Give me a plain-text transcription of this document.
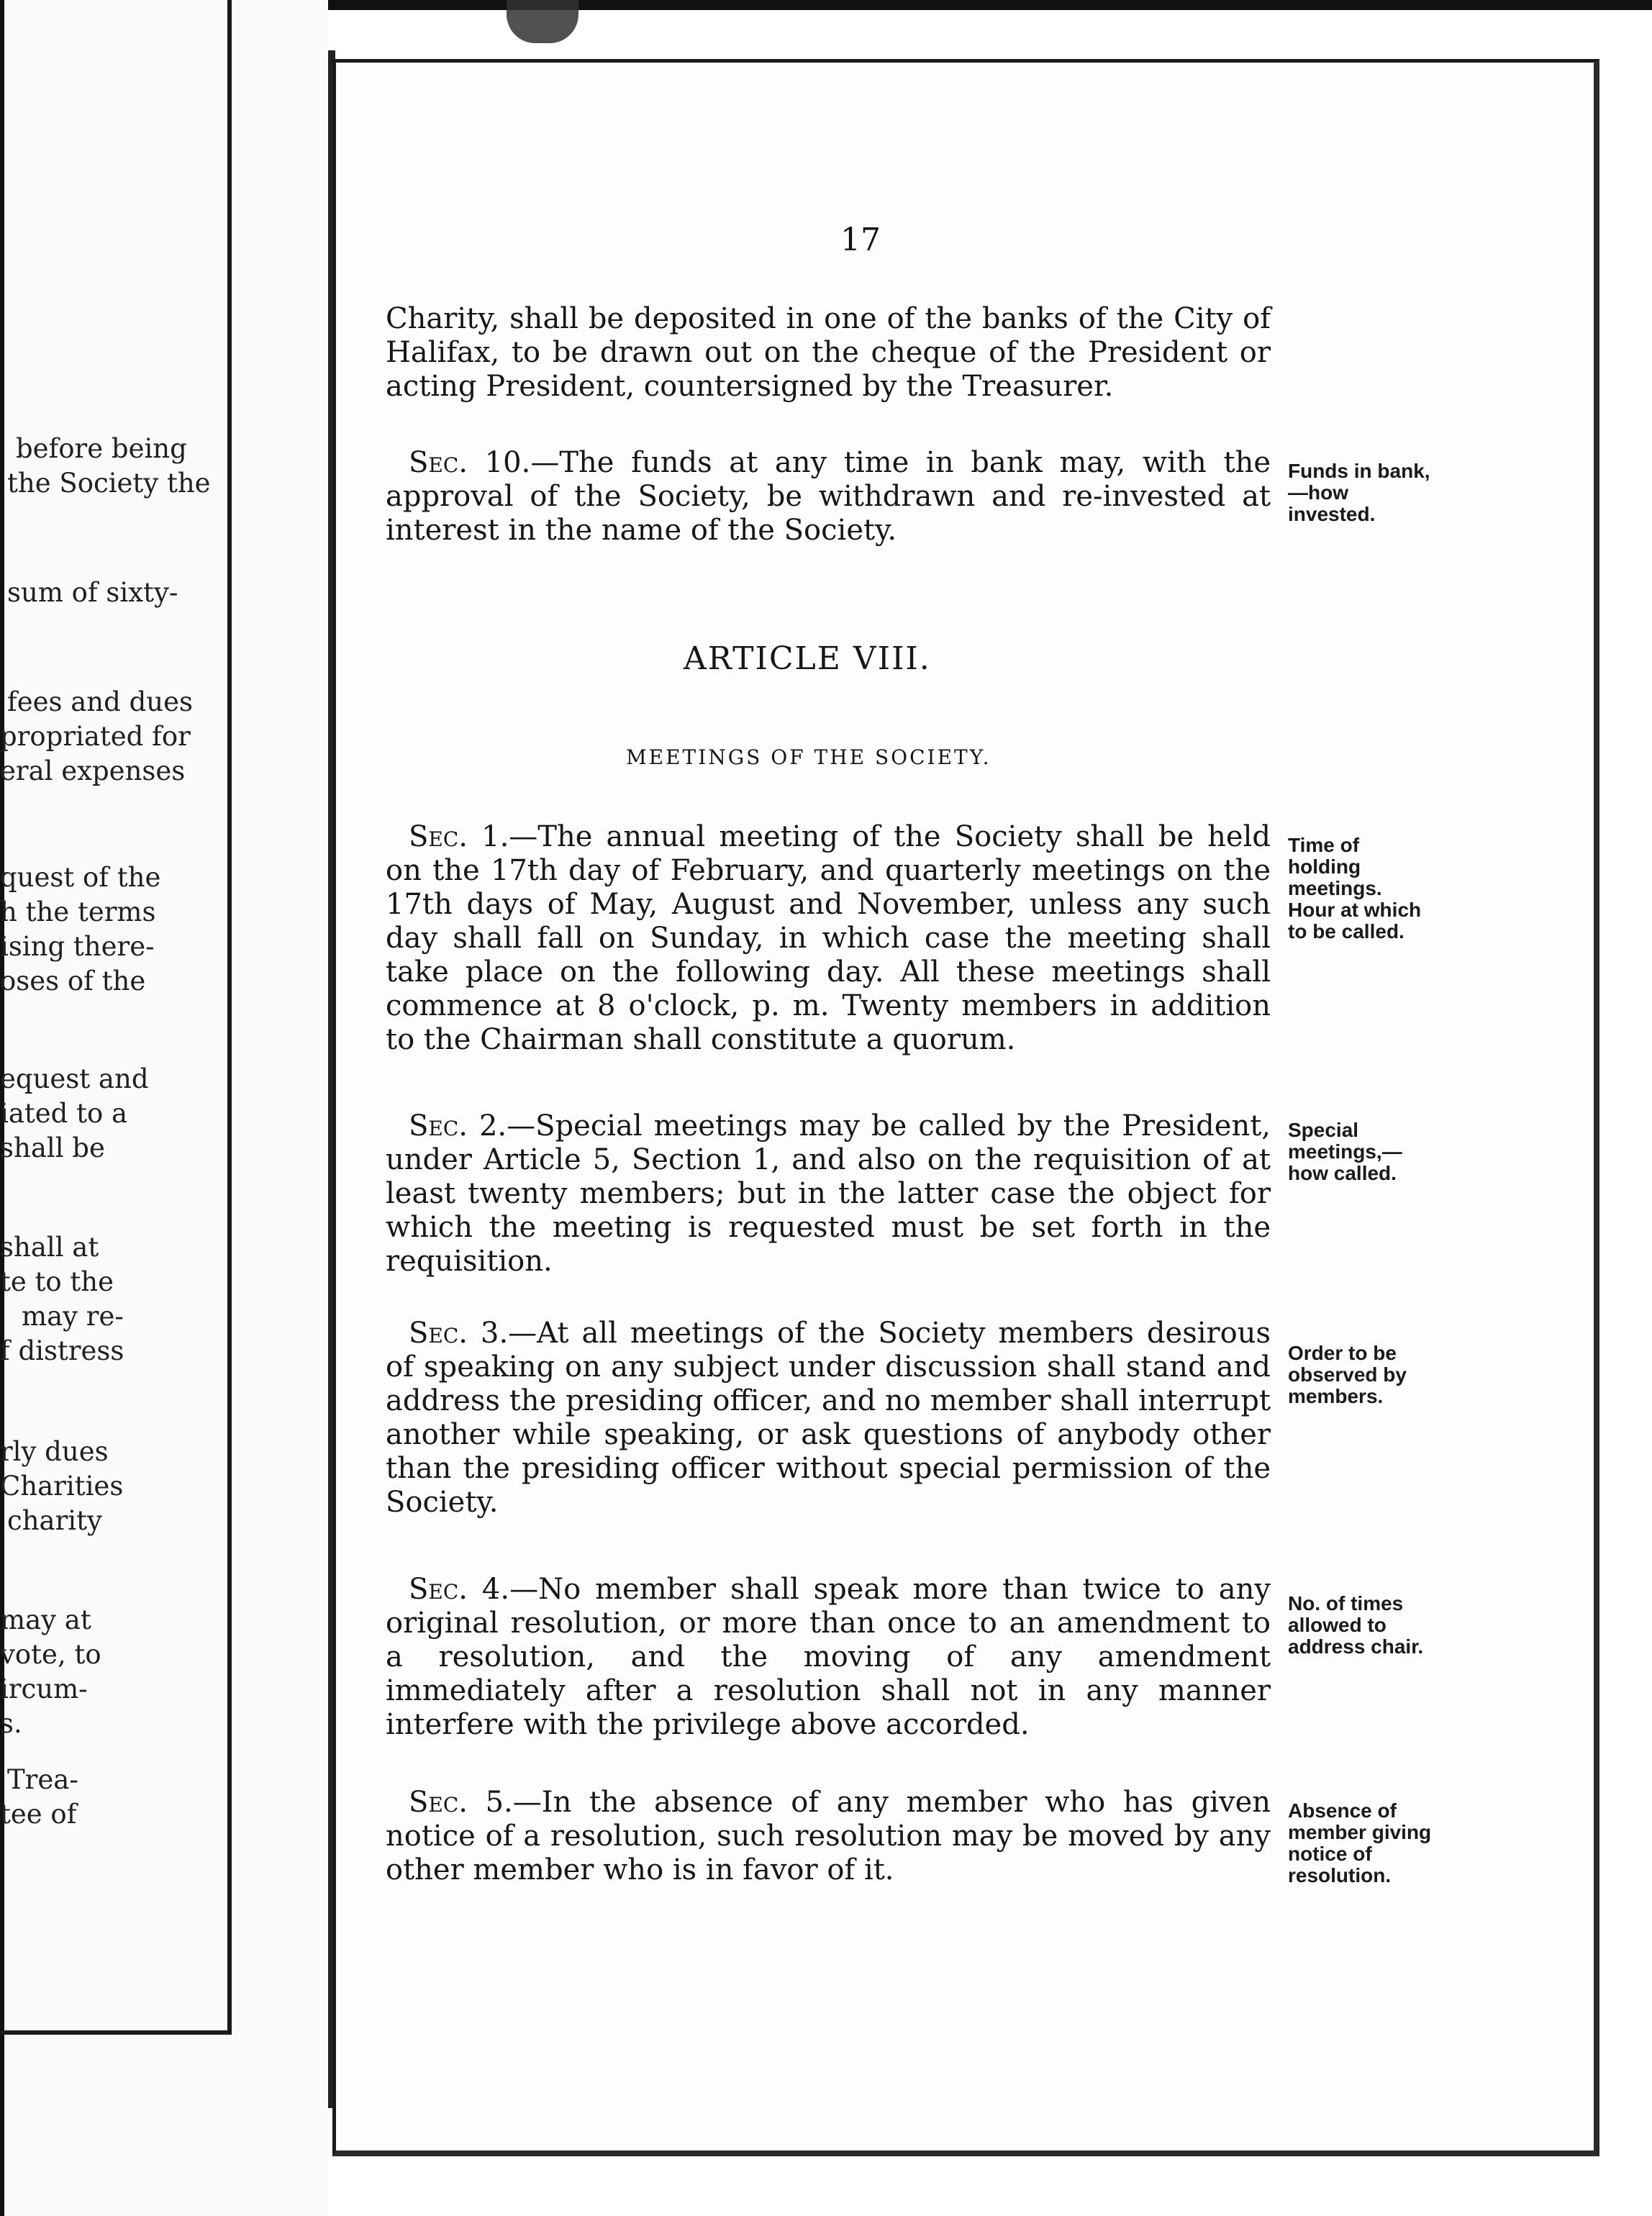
before being
the Society the
sum of sixty-
fees and dues
propriated for
eral expenses
quest of the
h the terms
ising there-
oses of the
equest and
iated to a
shall be
shall at
te to the
may re-
f distress
rly dues
Charities
charity
may at
vote, to
ircum-
s.
Trea-
tee of
17
Charity, shall be deposited in one of the banks of the City of Halifax, to be drawn out on the cheque of the President or acting President, countersigned by the Treasurer.
Sec. 10.—The funds at any time in bank may, with the approval of the Society, be withdrawn and re-invested at interest in the name of the Society.
Funds in bank,—how invested.
ARTICLE VIII.
MEETINGS OF THE SOCIETY.
Sec. 1.—The annual meeting of the Society shall be held on the 17th day of February, and quarterly meetings on the 17th days of May, August and November, unless any such day shall fall on Sunday, in which case the meeting shall take place on the following day. All these meetings shall commence at 8 o'clock, p. m. Twenty members in addition to the Chairman shall constitute a quorum.
Time of holding meetings. Hour at which to be called.
Sec. 2.—Special meetings may be called by the President, under Article 5, Section 1, and also on the requisition of at least twenty members; but in the latter case the object for which the meeting is requested must be set forth in the requisition.
Special meetings,—how called.
Sec. 3.—At all meetings of the Society members desirous of speaking on any subject under discussion shall stand and address the presiding officer, and no member shall interrupt another while speaking, or ask questions of anybody other than the presiding officer without special permission of the Society.
Order to be observed by members.
Sec. 4.—No member shall speak more than twice to any original resolution, or more than once to an amendment to a resolution, and the moving of any amendment immediately after a resolution shall not in any manner interfere with the privilege above accorded.
No. of times allowed to address chair.
Sec. 5.—In the absence of any member who has given notice of a resolution, such resolution may be moved by any other member who is in favor of it.
Absence of member giving notice of resolution.
